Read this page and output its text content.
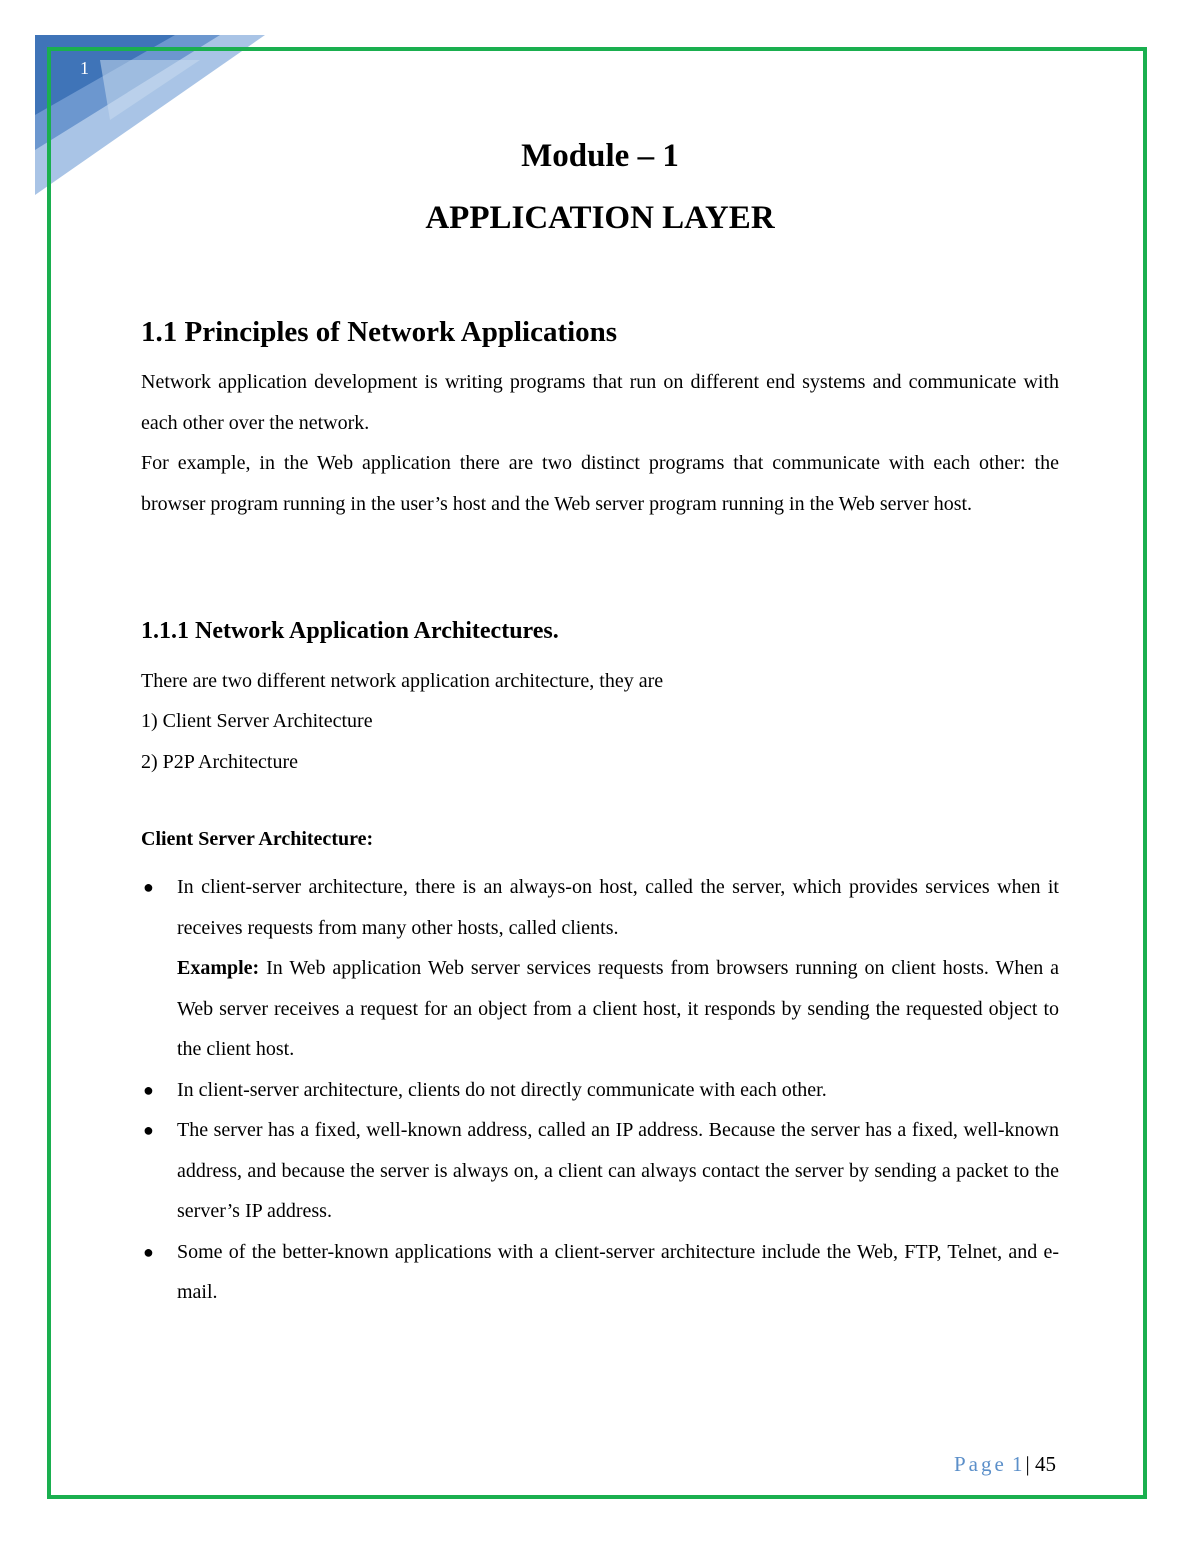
1
Module – 1
APPLICATION LAYER
1.1 Principles of Network Applications

Network application development is writing programs that run on different end systems and communicate with each other over the network.

For example, in the Web application there are two distinct programs that communicate with each other: the browser program running in the user’s host and the Web server program running in the Web server host.

1.1.1 Network Application Architectures.
There are two different network application architecture, they are
1) Client Server Architecture
2) P2P Architecture
Client Server Architecture:
● In client-server architecture, there is an always-on host, called the server, which provides services when it receives requests from many other hosts, called clients.
Example: In Web application Web server services requests from browsers running on client hosts. When a Web server receives a request for an object from a client host, it responds by sending the requested object to the client host.
● In client-server architecture, clients do not directly communicate with each other.
● The server has a fixed, well-known address, called an IP address. Because the server has a fixed, well-known address, and because the server is always on, a client can always contact the server by sending a packet to the server’s IP address.
● Some of the better-known applications with a client-server architecture include the Web, FTP, Telnet, and e-mail.
Page 1| 45
